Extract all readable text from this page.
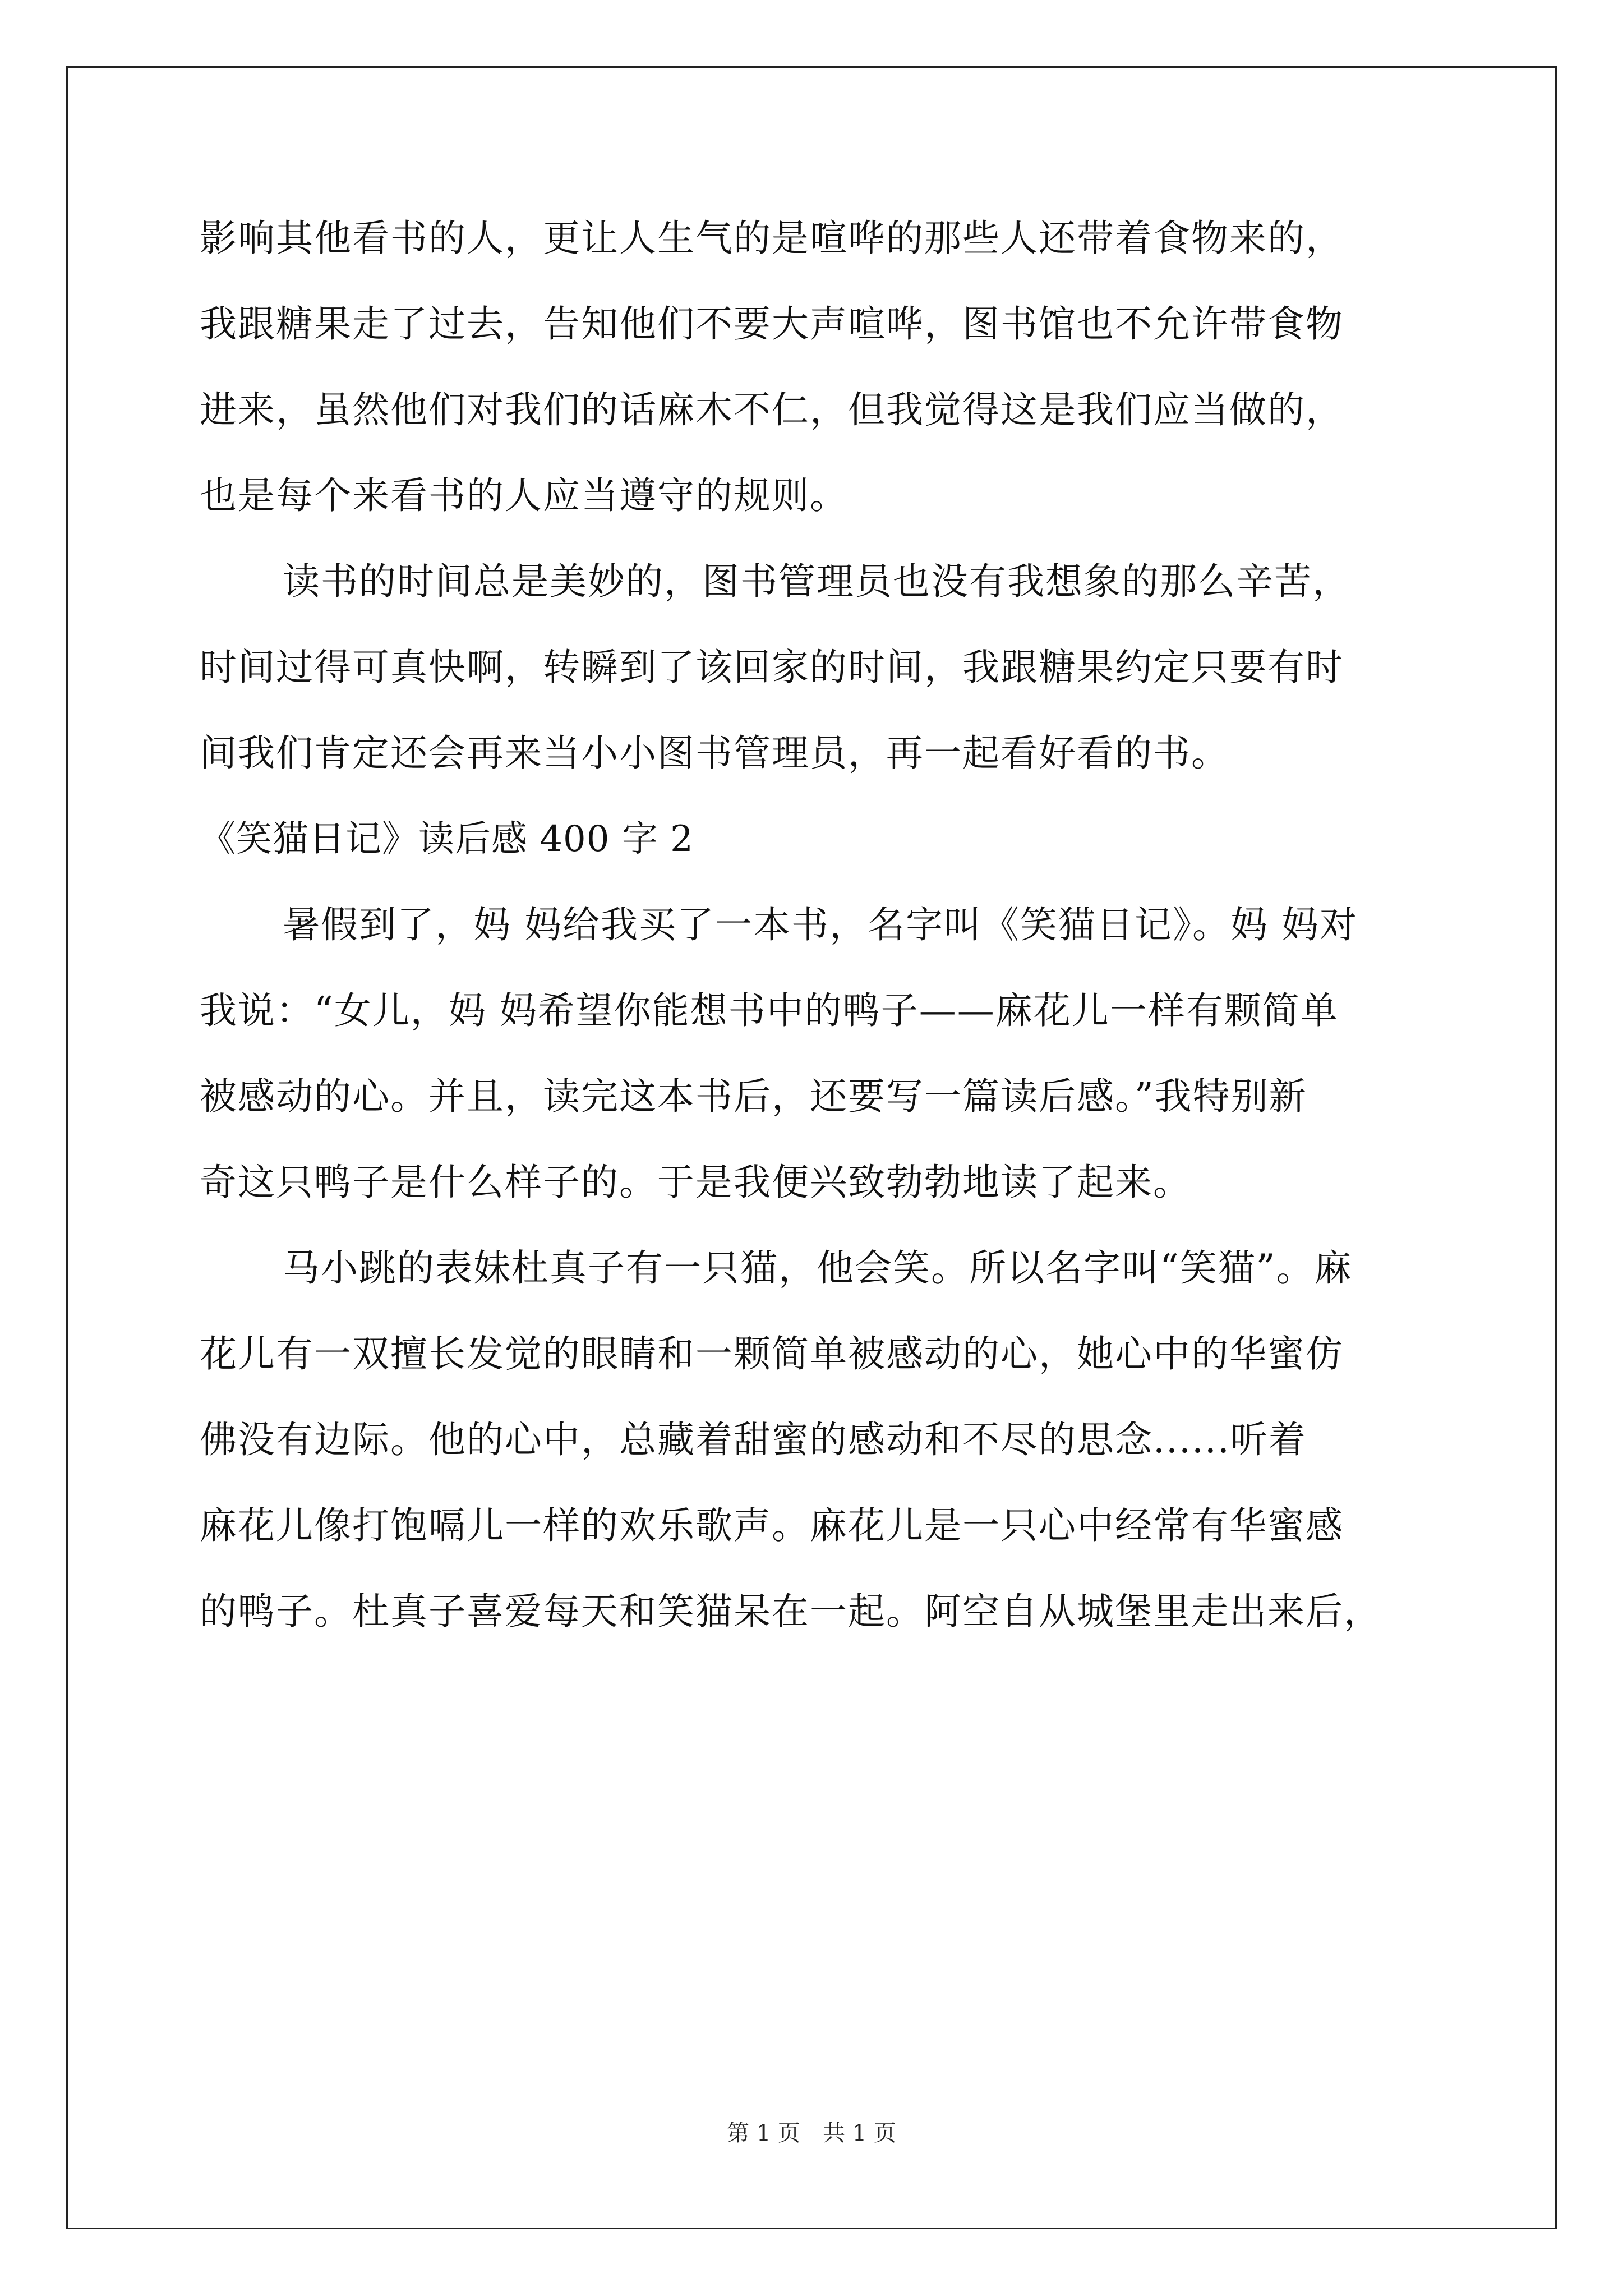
影响其他看书的人，更让人生气的是喧哗的那些人还带着食物来的，
我跟糖果走了过去，告知他们不要大声喧哗，图书馆也不允许带食物
进来，虽然他们对我们的话麻木不仁，但我觉得这是我们应当做的，
也是每个来看书的人应当遵守的规则。
读书的时间总是美妙的，图书管理员也没有我想象的那么辛苦，
时间过得可真快啊，转瞬到了该回家的时间，我跟糖果约定只要有时
间我们肯定还会再来当小小图书管理员，再一起看好看的书。
《笑猫日记》读后感 400 字 2
暑假到了，妈 妈给我买了一本书，名字叫《笑猫日记》。妈 妈对
我说：“女儿，妈 妈希望你能想书中的鸭子——麻花儿一样有颗简单
被感动的心。并且，读完这本书后，还要写一篇读后感。”我特别新
奇这只鸭子是什么样子的。于是我便兴致勃勃地读了起来。
马小跳的表妹杜真子有一只猫，他会笑。所以名字叫“笑猫”。麻
花儿有一双擅长发觉的眼睛和一颗简单被感动的心，她心中的华蜜仿
佛没有边际。他的心中，总藏着甜蜜的感动和不尽的思念......听着
麻花儿像打饱嗝儿一样的欢乐歌声。麻花儿是一只心中经常有华蜜感
的鸭子。杜真子喜爱每天和笑猫呆在一起。阿空自从城堡里走出来后，
第 1 页　共 1 页
